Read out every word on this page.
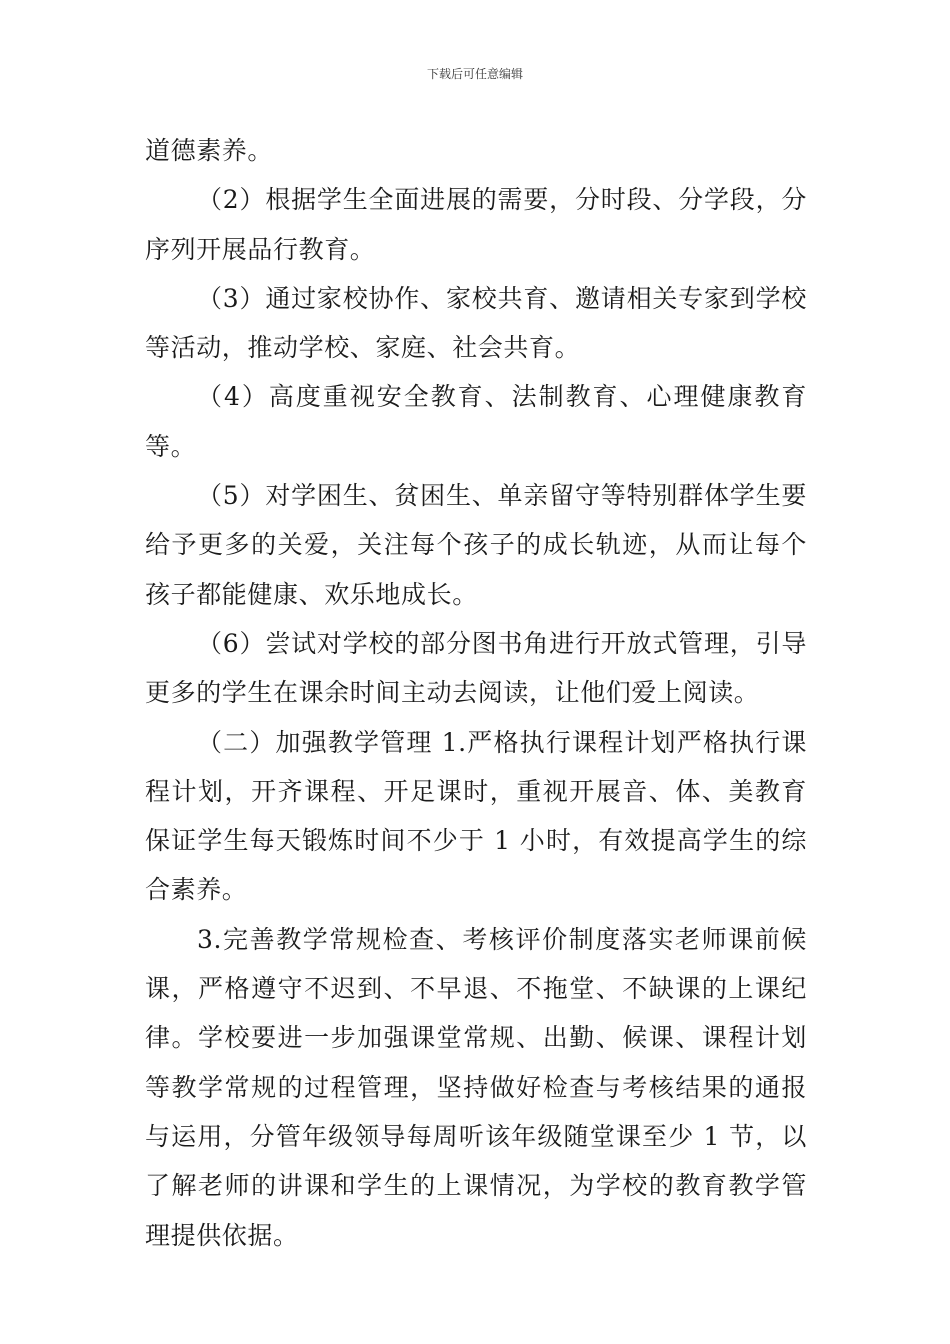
下载后可任意编辑

道德素养。

（2）根据学生全面进展的需要，分时段、分学段，分序列开展品行教育。

（3）通过家校协作、家校共育、邀请相关专家到学校等活动，推动学校、家庭、社会共育。

（4）高度重视安全教育、法制教育、心理健康教育等。

（5）对学困生、贫困生、单亲留守等特别群体学生要给予更多的关爱，关注每个孩子的成长轨迹，从而让每个孩子都能健康、欢乐地成长。

（6）尝试对学校的部分图书角进行开放式管理，引导更多的学生在课余时间主动去阅读，让他们爱上阅读。

（二）加强教学管理 1.严格执行课程计划严格执行课程计划，开齐课程、开足课时，重视开展音、体、美教育保证学生每天锻炼时间不少于 1 小时，有效提高学生的综合素养。

3.完善教学常规检查、考核评价制度落实老师课前候课，严格遵守不迟到、不早退、不拖堂、不缺课的上课纪律。学校要进一步加强课堂常规、出勤、候课、课程计划等教学常规的过程管理，坚持做好检查与考核结果的通报与运用，分管年级领导每周听该年级随堂课至少 1 节，以了解老师的讲课和学生的上课情况，为学校的教育教学管理提供依据。
